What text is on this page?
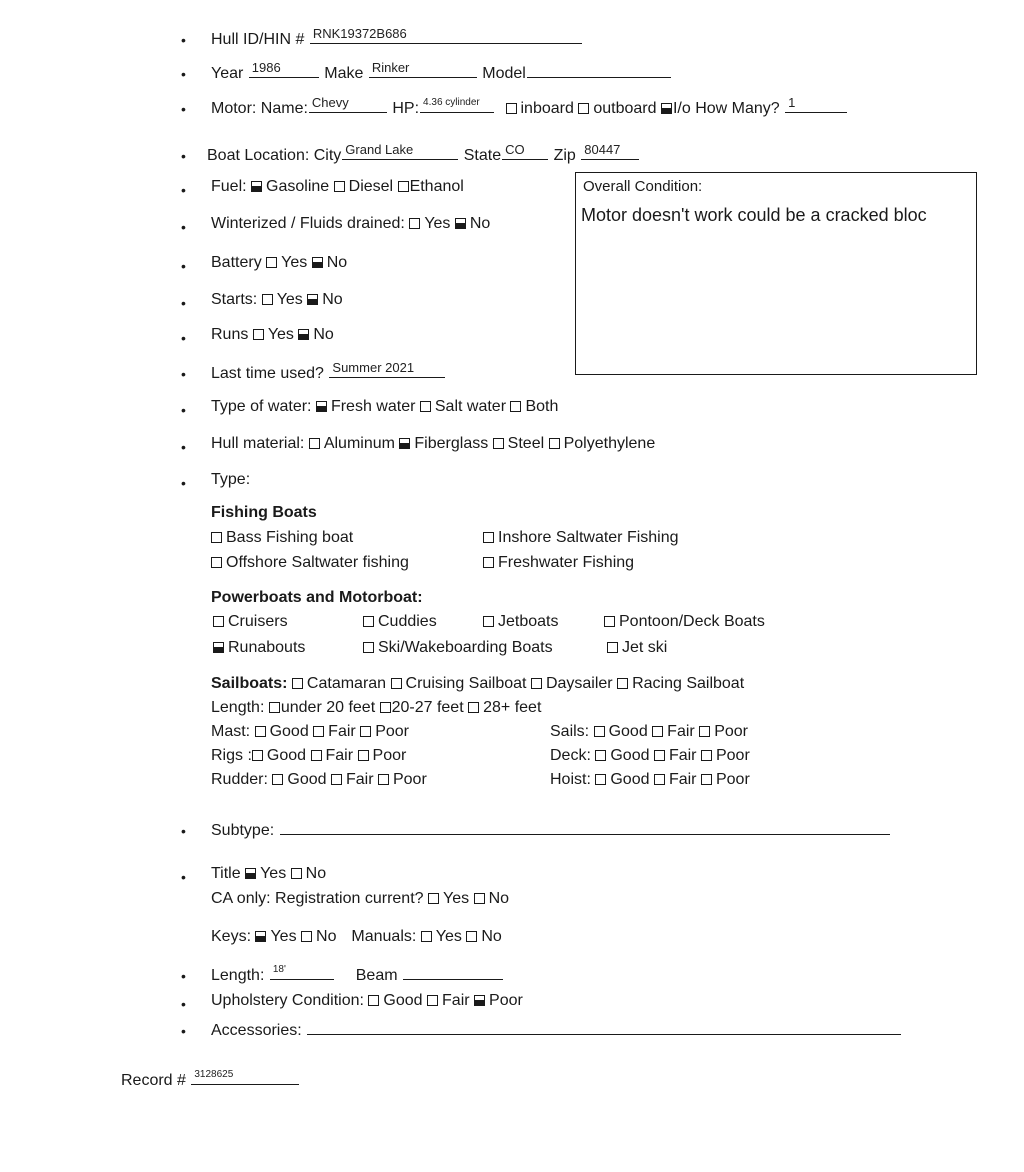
• Hull ID/HIN # RNK19372B686
• Year 1986	Make Rinker	Model
• Motor: Name: Chevy	HP: 4.36 cylinder	inboard outboard I/o How Many? 1
• Boat Location: City Grand Lake	State CO Zip 80447
• Fuel: Gasoline Diesel Ethanol	Overall Condition:
Motor doesn't work could be a cracked bloc
• Winterized / Fluids drained: Yes No
• Battery Yes No
• Starts: Yes No
• Runs Yes No
• Last time used? Summer 2021
• Type of water: Fresh water Salt water Both
• Hull material: Aluminum Fiberglass Steel Polyethylene
• Type:
Fishing Boats
Bass Fishing boat	Inshore Saltwater Fishing
Offshore Saltwater fishing	Freshwater Fishing
Powerboats and Motorboat:
Cruisers	Cuddies	Jetboats	Pontoon/Deck Boats
Runabouts	Ski/Wakeboarding Boats	Jet ski
Sailboats: Catamaran Cruising Sailboat Daysailer Racing Sailboat
Length: under 20 feet 20-27 feet 28+ feet
Mast: Good Fair Poor	Sails: Good Fair Poor
Rigs : Good Fair Poor	Deck: Good Fair Poor
Rudder: Good Fair Poor	Hoist: Good Fair Poor
• Subtype:
• Title Yes No
CA only: Registration current? Yes No
Keys: Yes No Manuals: Yes No
• Length: 18'	Beam
• Upholstery Condition: Good Fair Poor
• Accessories:
Record # 3128625
